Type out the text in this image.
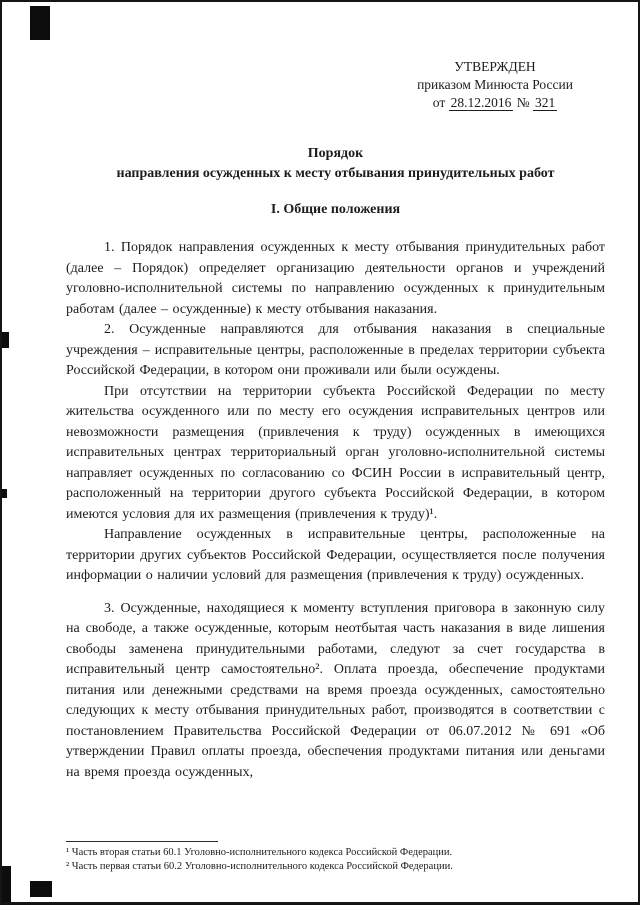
УТВЕРЖДЕН
приказом Минюста России
от 28.12.2016 № 321
Порядок
направления осужденных к месту отбывания принудительных работ
I. Общие положения

1. Порядок направления осужденных к месту отбывания принудительных работ (далее – Порядок) определяет организацию деятельности органов и учреждений уголовно-исполнительной системы по направлению осужденных к принудительным работам (далее – осужденные) к месту отбывания наказания.

2. Осужденные направляются для отбывания наказания в специальные учреждения – исправительные центры, расположенные в пределах территории субъекта Российской Федерации, в котором они проживали или были осуждены.

При отсутствии на территории субъекта Российской Федерации по месту жительства осужденного или по месту его осуждения исправительных центров или невозможности размещения (привлечения к труду) осужденных в имеющихся исправительных центрах территориальный орган уголовно-исполнительной системы направляет осужденных по согласованию со ФСИН России в исправительный центр, расположенный на территории другого субъекта Российской Федерации, в котором имеются условия для их размещения (привлечения к труду)¹.

Направление осужденных в исправительные центры, расположенные на территории других субъектов Российской Федерации, осуществляется после получения информации о наличии условий для размещения (привлечения к труду) осужденных.

3. Осужденные, находящиеся к моменту вступления приговора в законную силу на свободе, а также осужденные, которым неотбытая часть наказания в виде лишения свободы заменена принудительными работами, следуют за счет государства в исправительный центр самостоятельно². Оплата проезда, обеспечение продуктами питания или денежными средствами на время проезда осужденных, самостоятельно следующих к месту отбывания принудительных работ, производятся в соответствии с постановлением Правительства Российской Федерации от 06.07.2012 № 691 «Об утверждении Правил оплаты проезда, обеспечения продуктами питания или деньгами на время проезда осужденных,

¹ Часть вторая статьи 60.1 Уголовно-исполнительного кодекса Российской Федерации.
² Часть первая статьи 60.2 Уголовно-исполнительного кодекса Российской Федерации.
